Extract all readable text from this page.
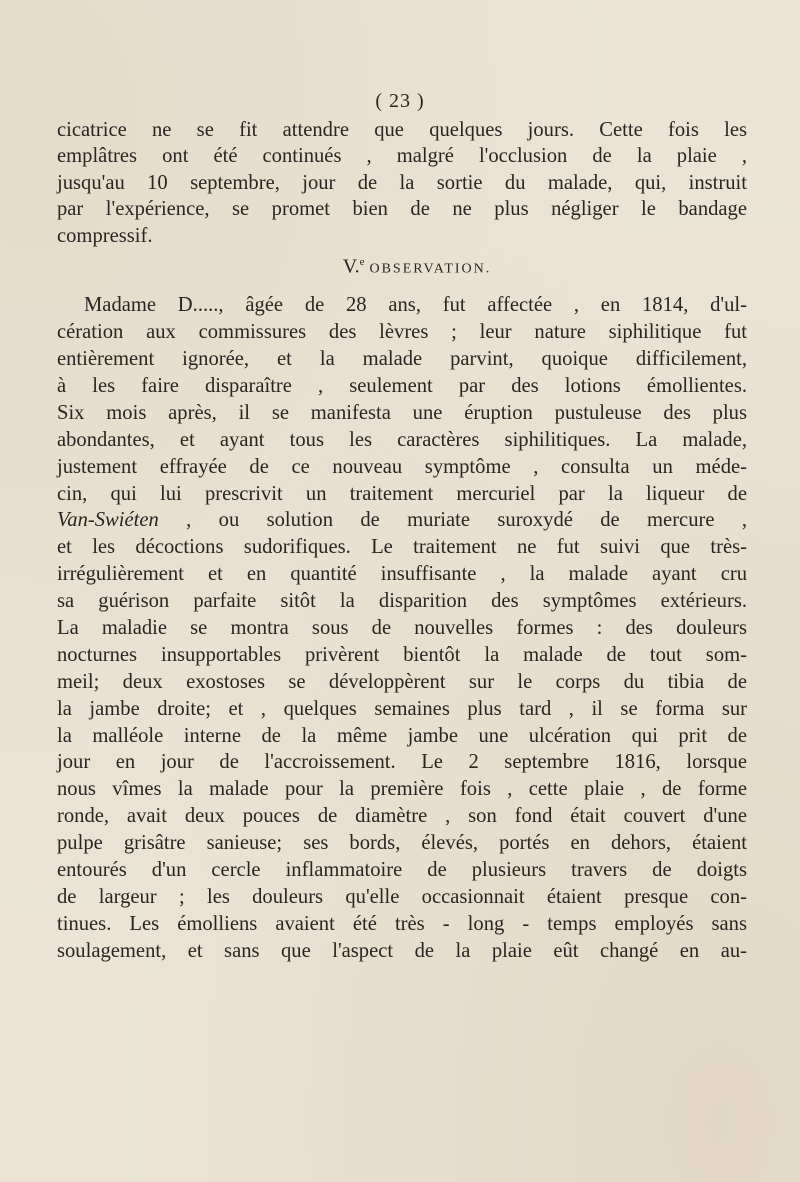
( 23 )
cicatrice ne se fit attendre que quelques jours. Cette fois les
emplâtres ont été continués , malgré l'occlusion de la plaie ,
jusqu'au 10 septembre, jour de la sortie du malade, qui, instruit
par l'expérience, se promet bien de ne plus négliger le bandage
compressif.
V.$^e$ OBSERVATION.
Madame D....., âgée de 28 ans, fut affectée , en 1814, d'ul-
cération aux commissures des lèvres ; leur nature siphilitique fut
entièrement ignorée, et la malade parvint, quoique difficilement,
à les faire disparaître , seulement par des lotions émollientes.
Six mois après, il se manifesta une éruption pustuleuse des plus
abondantes, et ayant tous les caractères siphilitiques. La malade,
justement effrayée de ce nouveau symptôme , consulta un méde-
cin, qui lui prescrivit un traitement mercuriel par la liqueur de
Van-Swiéten , ou solution de muriate suroxydé de mercure ,
et les décoctions sudorifiques. Le traitement ne fut suivi que très-
irrégulièrement et en quantité insuffisante , la malade ayant cru
sa guérison parfaite sitôt la disparition des symptômes extérieurs.
La maladie se montra sous de nouvelles formes : des douleurs
nocturnes insupportables privèrent bientôt la malade de tout som-
meil; deux exostoses se développèrent sur le corps du tibia de
la jambe droite; et , quelques semaines plus tard , il se forma sur
la malléole interne de la même jambe une ulcération qui prit de
jour en jour de l'accroissement. Le 2 septembre 1816, lorsque
nous vîmes la malade pour la première fois , cette plaie , de forme
ronde, avait deux pouces de diamètre , son fond était couvert d'une
pulpe grisâtre sanieuse; ses bords, élevés, portés en dehors, étaient
entourés d'un cercle inflammatoire de plusieurs travers de doigts
de largeur ; les douleurs qu'elle occasionnait étaient presque con-
tinues. Les émolliens avaient été très - long - temps employés sans
soulagement, et sans que l'aspect de la plaie eût changé en au-
